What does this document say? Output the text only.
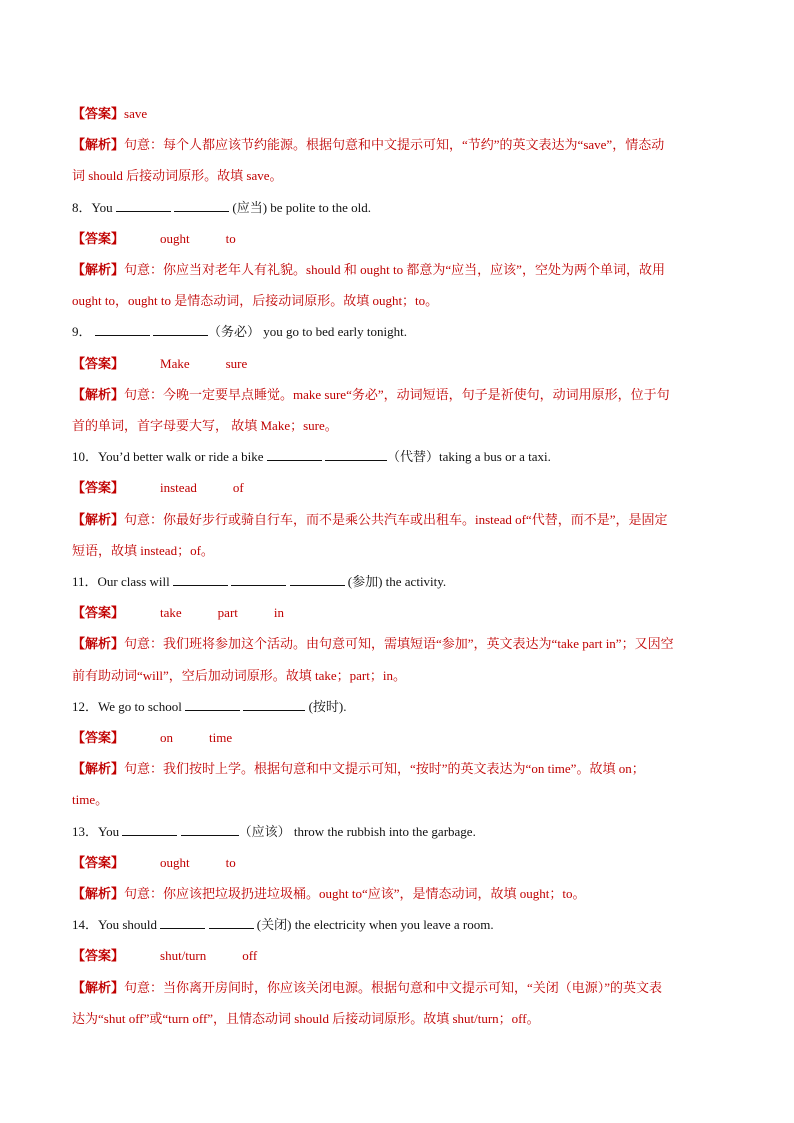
【答案】save
【解析】句意：每个人都应该节约能源。根据句意和中文提示可知，“节约”的英文表达为“save”，情态动
词 should 后接动词原形。故填 save。
8．You	(应当) be polite to the old.
【答案】	ought	to
【解析】句意：你应当对老年人有礼貌。should 和 ought to 都意为“应当，应该”，空处为两个单词，故用
ought to，ought to 是情态动词，后接动词原形。故填 ought；to。
9．	（务必） you go to bed early tonight.
【答案】	Make	sure
【解析】句意：今晚一定要早点睡觉。make sure“务必”，动词短语，句子是祈使句，动词用原形，位于句
首的单词，首字母要大写， 故填 Make；sure。
10．You’d better walk or ride a bike	（代替）taking a bus or a taxi.
【答案】	instead	of
【解析】句意：你最好步行或骑自行车，而不是乘公共汽车或出租车。instead of“代替，而不是”，是固定
短语，故填 instead；of。
11．Our class will	(参加) the activity.
【答案】	take	part	in
【解析】句意：我们班将参加这个活动。由句意可知，需填短语“参加”，英文表达为“take part in”；又因空
前有助动词“will”，空后加动词原形。故填 take；part；in。
12．We go to school	(按时).
【答案】	on	time
【解析】句意：我们按时上学。根据句意和中文提示可知，“按时”的英文表达为“on time”。故填 on；
time。
13．You	（应该） throw the rubbish into the garbage.
【答案】	ought	to
【解析】句意：你应该把垃圾扔进垃圾桶。ought to“应该”，是情态动词，故填 ought；to。
14．You should	(关闭) the electricity when you leave a room.
【答案】	shut/turn	off
【解析】句意：当你离开房间时，你应该关闭电源。根据句意和中文提示可知，“关闭（电源）”的英文表
达为“shut off”或“turn off”，且情态动词 should 后接动词原形。故填 shut/turn；off。
